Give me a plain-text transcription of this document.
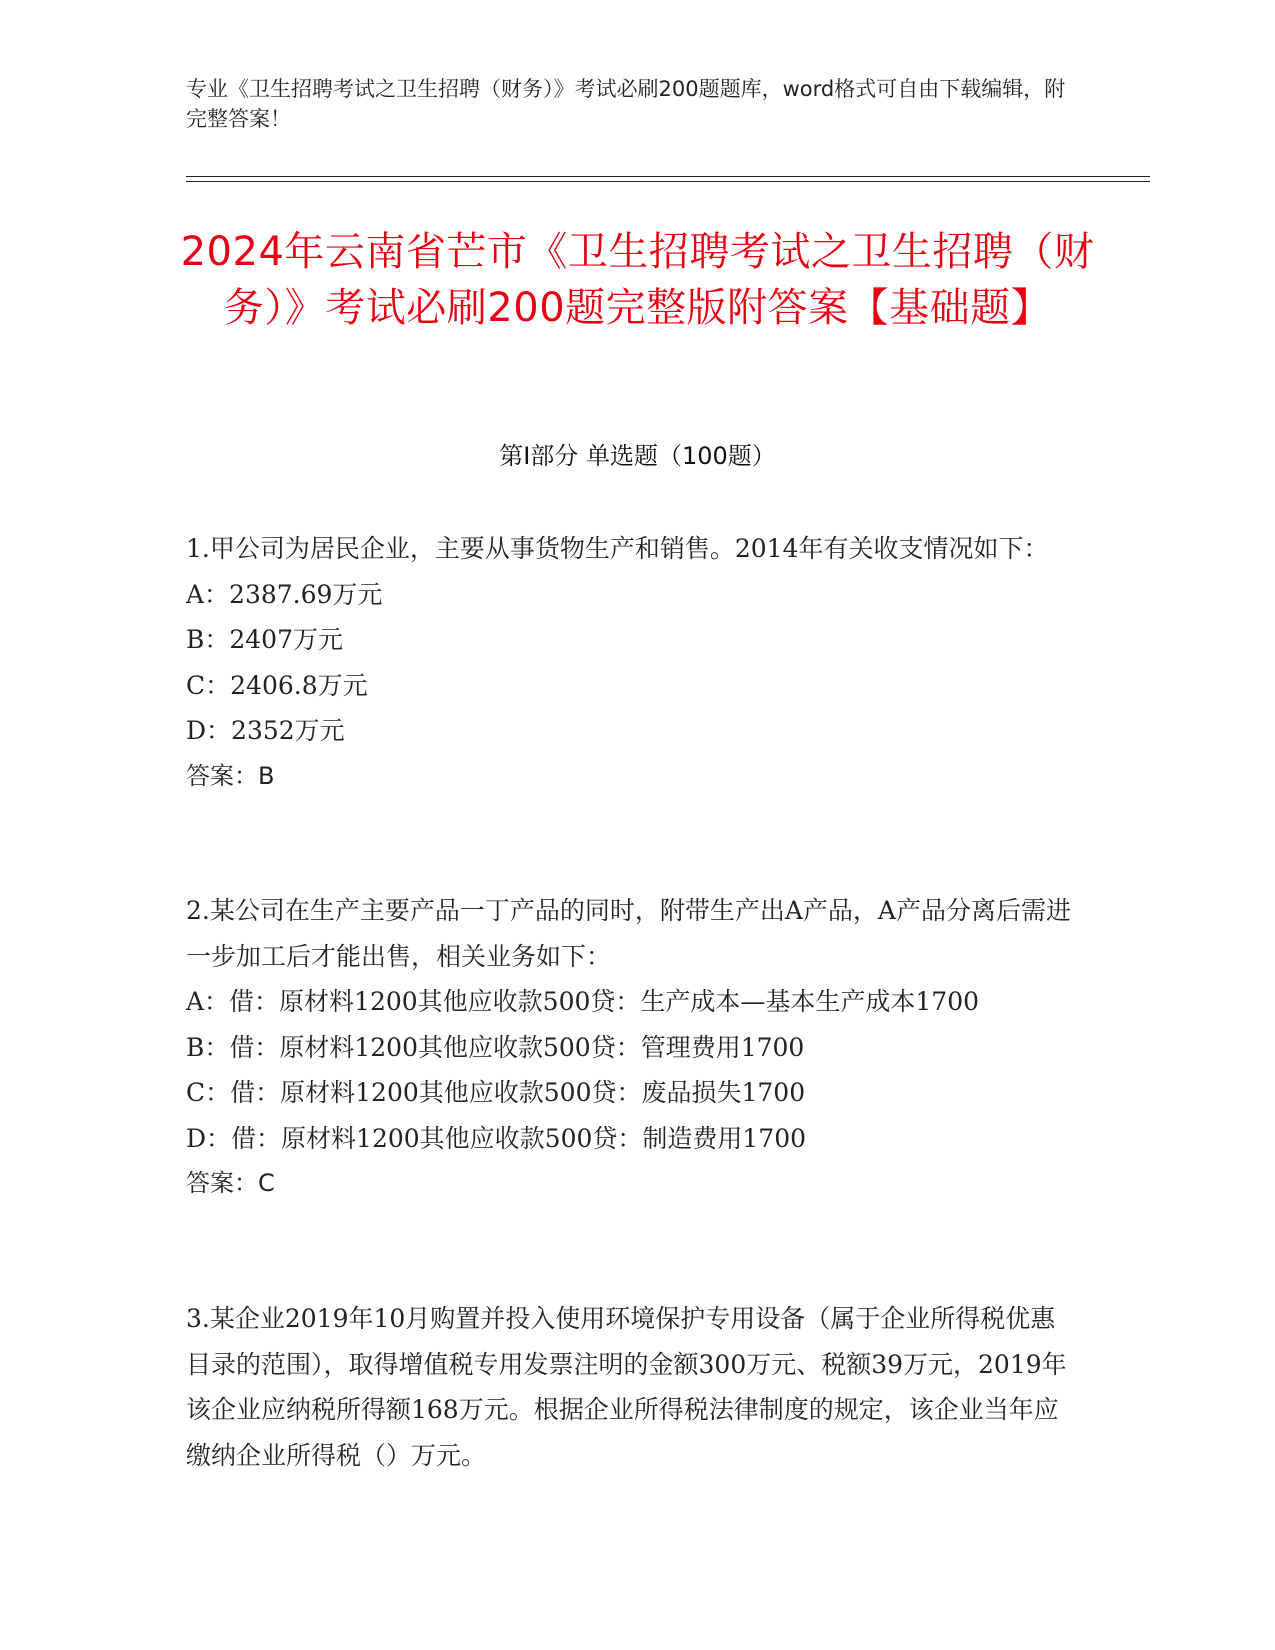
专业《卫生招聘考试之卫生招聘（财务）》考试必刷200题题库，word格式可自由下载编辑，附完整答案！
2024年云南省芒市《卫生招聘考试之卫生招聘（财务）》考试必刷200题完整版附答案【基础题】
第I部分 单选题（100题）

1.甲公司为居民企业，主要从事货物生产和销售。2014年有关收支情况如下：

A：2387.69万元

B：2407万元

C：2406.8万元

D：2352万元

答案：B

2.某公司在生产主要产品一丁产品的同时，附带生产出A产品，A产品分离后需进一步加工后才能出售，相关业务如下：

A：借：原材料1200其他应收款500贷：生产成本—基本生产成本1700

B：借：原材料1200其他应收款500贷：管理费用1700

C：借：原材料1200其他应收款500贷：废品损失1700

D：借：原材料1200其他应收款500贷：制造费用1700

答案：C

3.某企业2019年10月购置并投入使用环境保护专用设备（属于企业所得税优惠目录的范围），取得增值税专用发票注明的金额300万元、税额39万元，2019年该企业应纳税所得额168万元。根据企业所得税法律制度的规定，该企业当年应缴纳企业所得税（）万元。
